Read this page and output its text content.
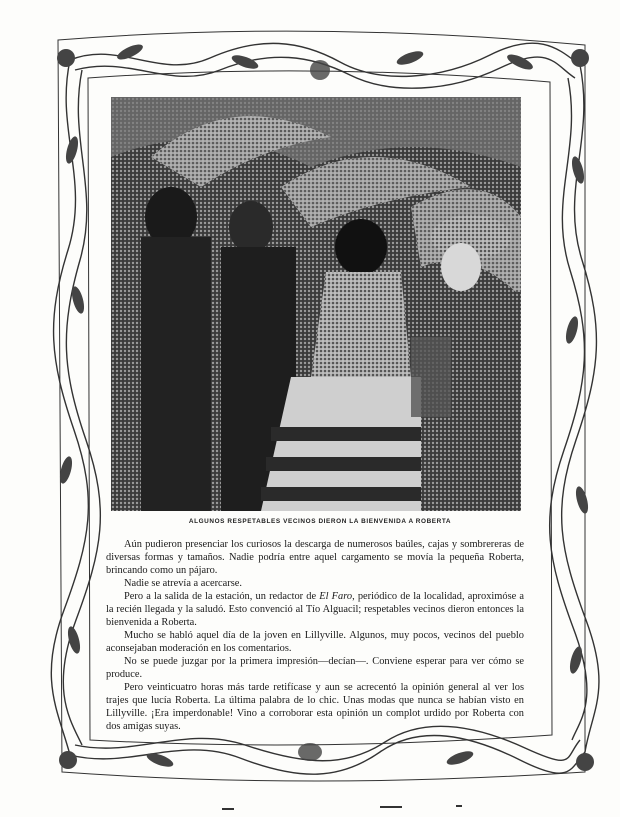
ALGUNOS RESPETABLES VECINOS DIERON LA BIENVENIDA A ROBERTA

Aún pudieron presenciar los curiosos la descarga de numerosos baúles, cajas y sombrereras de diversas formas y tamaños. Nadie podría entre aquel cargamento se movía la pequeña Roberta, brincando como un pájaro.

Nadie se atrevía a acercarse.

Pero a la salida de la estación, un redactor de El Faro, periódico de la localidad, aproximóse a la recién llegada y la saludó. Esto convenció al Tío Alguacil; respetables vecinos dieron entonces la bienvenida a Roberta.

Mucho se habló aquel día de la joven en Lillyville. Algunos, muy pocos, vecinos del pueblo aconsejaban moderación en los comentarios.

No se puede juzgar por la primera impresión—decían—. Conviene esperar para ver cómo se produce.

Pero veinticuatro horas más tarde retifícase y aun se acrecentó la opinión general al ver los trajes que lucía Roberta. La última palabra de lo chic. Unas modas que nunca se habían visto en Lillyville. ¡Era imperdonable! Vino a corroborar esta opinión un complot urdido por Roberta con dos amigas suyas.
